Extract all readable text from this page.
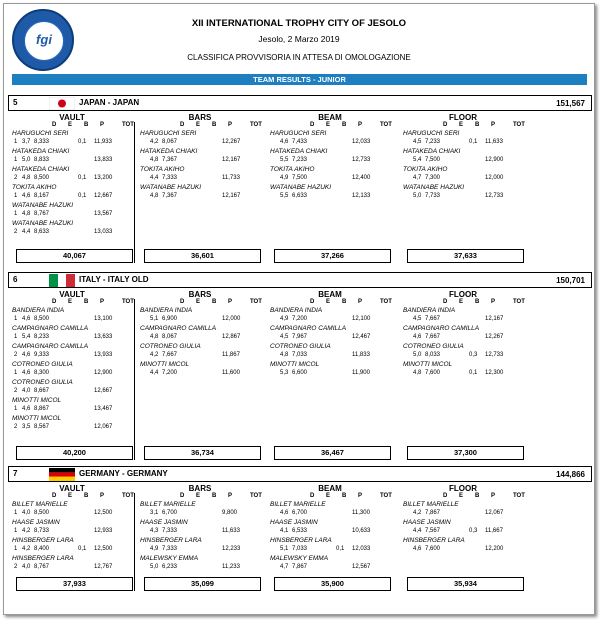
fgi
XII INTERNATIONAL TROPHY CITY OF JESOLO
Jesolo, 2 Marzo 2019
CLASSIFICA PROVVISORIA IN ATTESA DI OMOLOGAZIONE
TEAM RESULTS - JUNIOR
5	JAPAN - JAPAN	151,567
VAULT
D E B P	TOT
HARUGUCHI SERI
1 3,7 8,333	0,1 11,933
HATAKEDA CHIAKI
1 5,0 8,833	13,833
HATAKEDA CHIAKI
2 4,8 8,500	0,1 13,200
TOKITA AKIHO
1 4,6 8,167	0,1 12,667
WATANABE HAZUKI
1 4,8 8,767	13,567
WATANABE HAZUKI
2 4,4 8,633	13,033
40,067
BARS
D E B P	TOT
HARUGUCHI SERI
4,2 8,067	12,267
HATAKEDA CHIAKI
4,8 7,367	12,167
TOKITA AKIHO
4,4 7,333	11,733
WATANABE HAZUKI
4,8 7,367	12,167
36,601
BEAM
D E B P	TOT
HARUGUCHI SERI
4,6 7,433	12,033
HATAKEDA CHIAKI
5,5 7,233	12,733
TOKITA AKIHO
4,9 7,500	12,400
WATANABE HAZUKI
5,5 6,633	12,133
37,266
FLOOR
D E B P	TOT
HARUGUCHI SERI
4,5 7,233	0,1 11,633
HATAKEDA CHIAKI
5,4 7,500	12,900
TOKITA AKIHO
4,7 7,300	12,000
WATANABE HAZUKI
5,0 7,733	12,733
37,633
6	ITALY - ITALY OLD	150,701
VAULT
D E B P	TOT
BANDIERA INDIA
1 4,6 8,500	13,100
CAMPAGNARO CAMILLA
1 5,4 8,233	13,633
CAMPAGNARO CAMILLA
2 4,6 9,333	13,933
COTRONEO GIULIA
1 4,6 8,300	12,900
COTRONEO GIULIA
2 4,0 8,667	12,667
MINOTTI MICOL
1 4,6 8,867	13,467
MINOTTI MICOL
2 3,5 8,567	12,067
40,200
BARS
D E B P	TOT
BANDIERA INDIA
5,1 6,900	12,000
CAMPAGNARO CAMILLA
4,8 8,067	12,867
COTRONEO GIULIA
4,2 7,667	11,867
MINOTTI MICOL
4,4 7,200	11,600
36,734
BEAM
D E B P	TOT
BANDIERA INDIA
4,9 7,200	12,100
CAMPAGNARO CAMILLA
4,5 7,967	12,467
COTRONEO GIULIA
4,8 7,033	11,833
MINOTTI MICOL
5,3 6,600	11,900
36,467
FLOOR
D E B P	TOT
BANDIERA INDIA
4,5 7,667	12,167
CAMPAGNARO CAMILLA
4,6 7,667	12,267
COTRONEO GIULIA
5,0 8,033	0,3 12,733
MINOTTI MICOL
4,8 7,600	0,1 12,300
37,300
7	GERMANY - GERMANY	144,866
VAULT
D E B P	TOT
BILLET MARIELLE
1 4,0 8,500	12,500
HAASE JASMIN
1 4,2 8,733	12,933
HINSBERGER LARA
1 4,2 8,400	0,1 12,500
HINSBERGER LARA
2 4,0 8,767	12,767
37,933
BARS
D E B P	TOT
BILLET MARIELLE
3,1 6,700	9,800
HAASE JASMIN
4,3 7,333	11,633
HINSBERGER LARA
4,9 7,333	12,233
MALEWSKY EMMA
5,0 6,233	11,233
35,099
BEAM
D E B P	TOT
BILLET MARIELLE
4,6 6,700	11,300
HAASE JASMIN
4,1 6,533	10,633
HINSBERGER LARA
5,1 7,033	0,1 12,033
MALEWSKY EMMA
4,7 7,867	12,567
35,900
FLOOR
D E B P	TOT
BILLET MARIELLE
4,2 7,867	12,067
HAASE JASMIN
4,4 7,567	0,3 11,667
HINSBERGER LARA
4,6 7,600	12,200
35,934
